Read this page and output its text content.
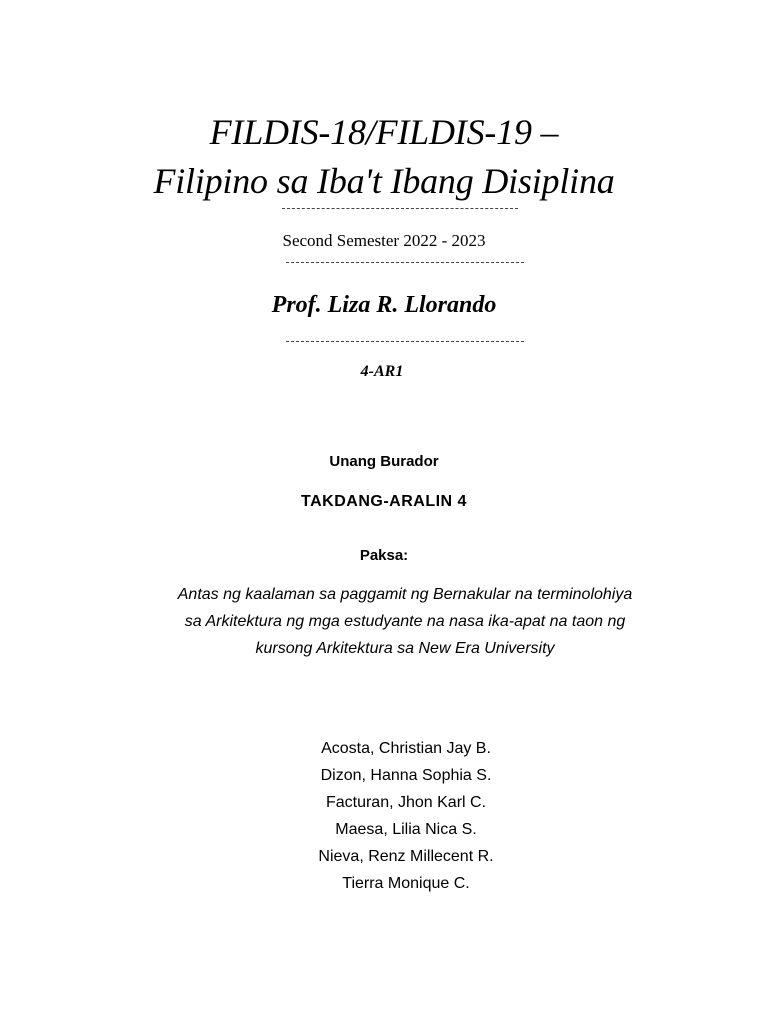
FILDIS-18/FILDIS-19 –
Filipino sa Iba't Ibang Disiplina
Second Semester 2022 - 2023
Prof. Liza R. Llorando
4-AR1
Unang Burador
TAKDANG-ARALIN 4
Paksa:
Antas ng kaalaman sa paggamit ng Bernakular na terminolohiya
sa Arkitektura ng mga estudyante na nasa ika-apat na taon ng
kursong Arkitektura sa New Era University
Acosta, Christian Jay B.
Dizon, Hanna Sophia S.
Facturan, Jhon Karl C.
Maesa, Lilia Nica S.
Nieva, Renz Millecent R.
Tierra Monique C.
